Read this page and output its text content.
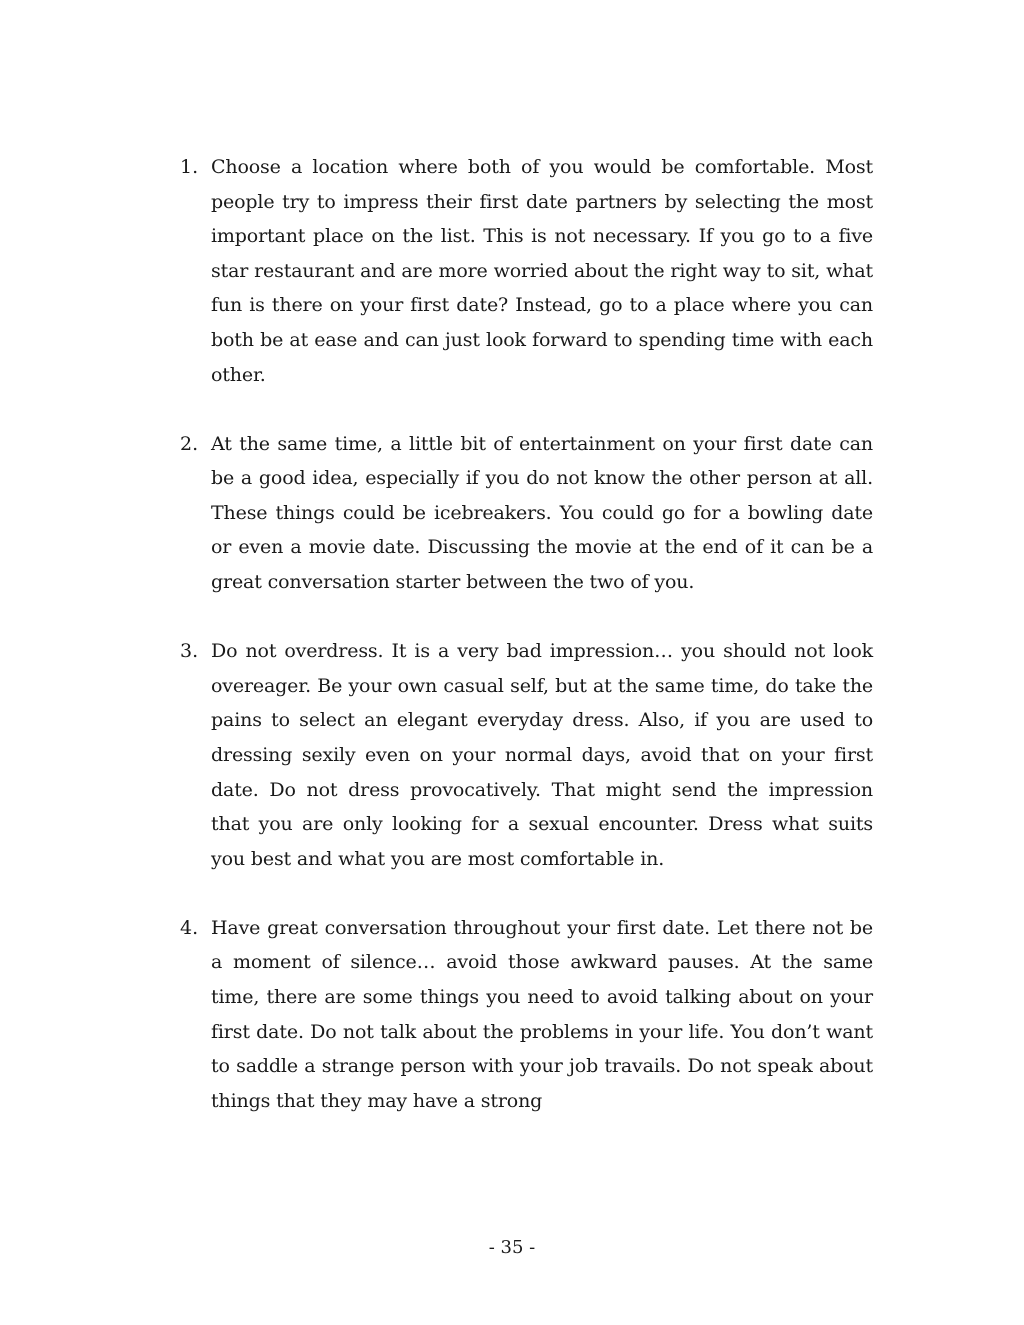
1. Choose a location where both of you would be comfortable. Most people try to impress their first date partners by selecting the most important place on the list. This is not necessary. If you go to a five star restaurant and are more worried about the right way to sit, what fun is there on your first date? Instead, go to a place where you can both be at ease and can just look forward to spending time with each other.

2. At the same time, a little bit of entertainment on your first date can be a good idea, especially if you do not know the other person at all. These things could be icebreakers. You could go for a bowling date or even a movie date. Discussing the movie at the end of it can be a great conversation starter between the two of you.

3. Do not overdress. It is a very bad impression… you should not look overeager. Be your own casual self, but at the same time, do take the pains to select an elegant everyday dress. Also, if you are used to dressing sexily even on your normal days, avoid that on your first date. Do not dress provocatively. That might send the impression that you are only looking for a sexual encounter. Dress what suits you best and what you are most comfortable in.

4. Have great conversation throughout your first date. Let there not be a moment of silence… avoid those awkward pauses. At the same time, there are some things you need to avoid talking about on your first date. Do not talk about the problems in your life. You don’t want to saddle a strange person with your job travails. Do not speak about things that they may have a strong

- 35 -
